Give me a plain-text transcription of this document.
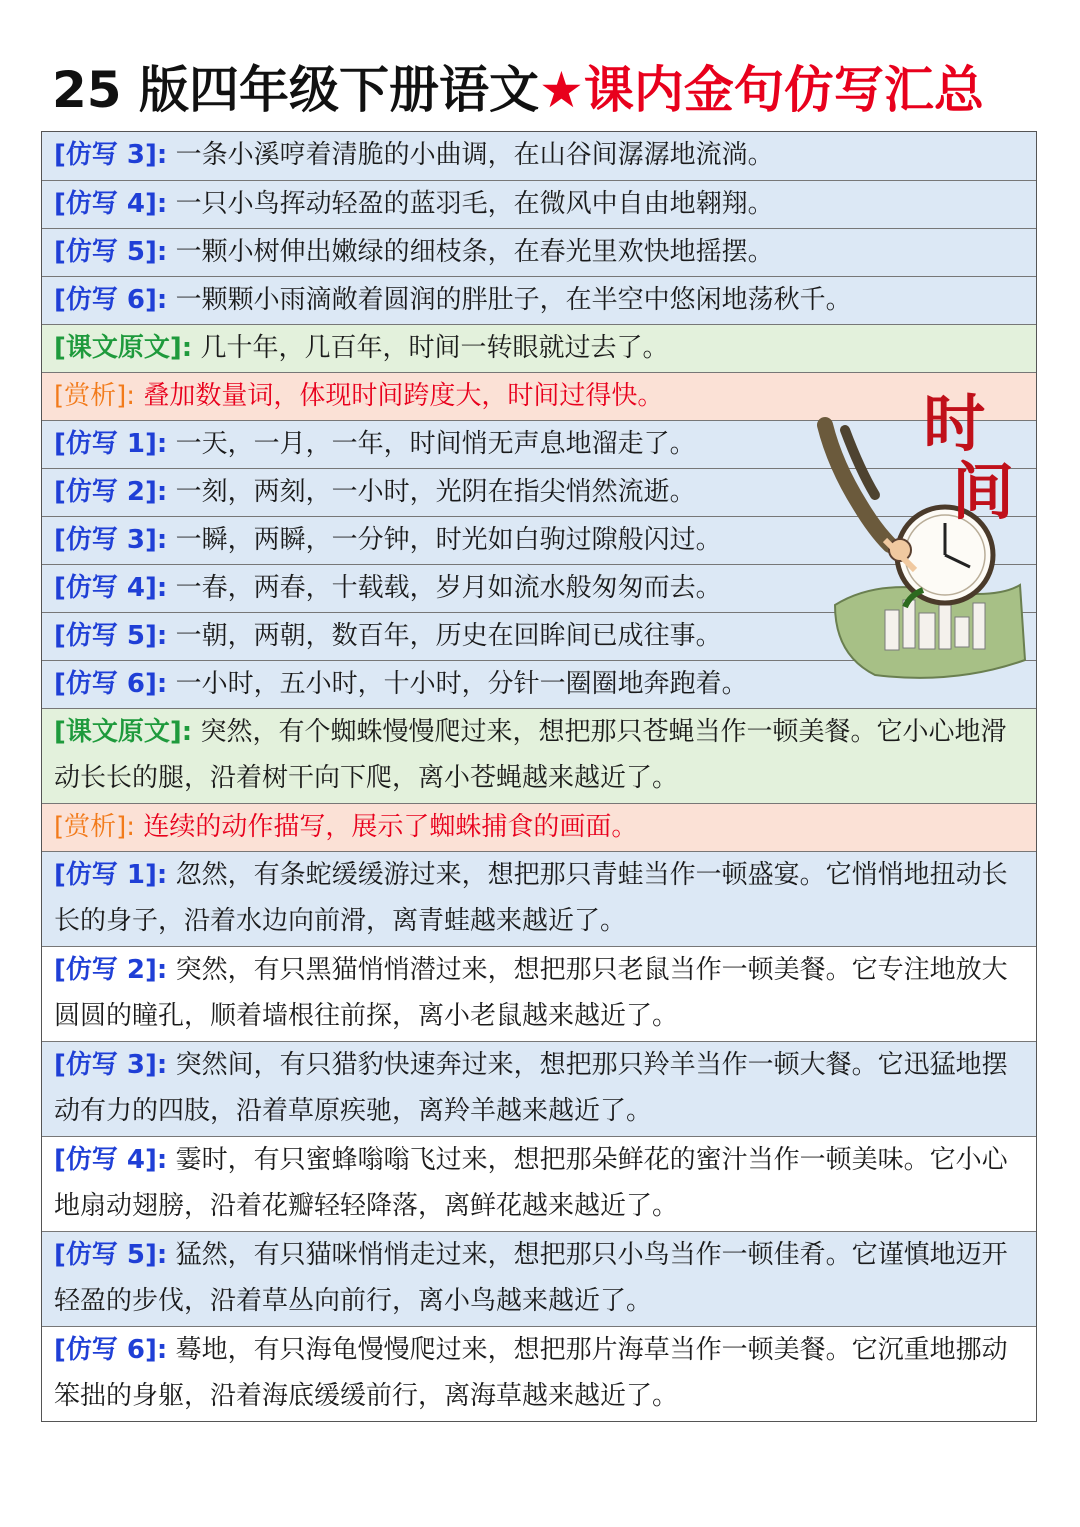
25 版四年级下册语文★课内金句仿写汇总
[仿写 3]: 一条小溪哼着清脆的小曲调，在山谷间潺潺地流淌。
[仿写 4]: 一只小鸟挥动轻盈的蓝羽毛，在微风中自由地翱翔。
[仿写 5]: 一颗小树伸出嫩绿的细枝条，在春光里欢快地摇摆。
[仿写 6]: 一颗颗小雨滴敞着圆润的胖肚子，在半空中悠闲地荡秋千。
[课文原文]: 几十年，几百年，时间一转眼就过去了。
[赏析]: 叠加数量词，体现时间跨度大，时间过得快。
[仿写 1]: 一天，一月，一年，时间悄无声息地溜走了。
[仿写 2]: 一刻，两刻，一小时，光阴在指尖悄然流逝。
[仿写 3]: 一瞬，两瞬，一分钟，时光如白驹过隙般闪过。
[仿写 4]: 一春，两春，十载载，岁月如流水般匆匆而去。
[仿写 5]: 一朝，两朝，数百年，历史在回眸间已成往事。
[仿写 6]: 一小时，五小时，十小时，分针一圈圈地奔跑着。
[课文原文]: 突然，有个蜘蛛慢慢爬过来，想把那只苍蝇当作一顿美餐。它小心地滑动长长的腿，沿着树干向下爬，离小苍蝇越来越近了。
[赏析]: 连续的动作描写，展示了蜘蛛捕食的画面。
[仿写 1]: 忽然，有条蛇缓缓游过来，想把那只青蛙当作一顿盛宴。它悄悄地扭动长长的身子，沿着水边向前滑，离青蛙越来越近了。
[仿写 2]: 突然，有只黑猫悄悄潜过来，想把那只老鼠当作一顿美餐。它专注地放大圆圆的瞳孔，顺着墙根往前探，离小老鼠越来越近了。
[仿写 3]: 突然间，有只猎豹快速奔过来，想把那只羚羊当作一顿大餐。它迅猛地摆动有力的四肢，沿着草原疾驰，离羚羊越来越近了。
[仿写 4]: 霎时，有只蜜蜂嗡嗡飞过来，想把那朵鲜花的蜜汁当作一顿美味。它小心地扇动翅膀，沿着花瓣轻轻降落，离鲜花越来越近了。
[仿写 5]: 猛然，有只猫咪悄悄走过来，想把那只小鸟当作一顿佳肴。它谨慎地迈开轻盈的步伐，沿着草丛向前行，离小鸟越来越近了。
[仿写 6]: 蓦地，有只海龟慢慢爬过来，想把那片海草当作一顿美餐。它沉重地挪动笨拙的身躯，沿着海底缓缓前行，离海草越来越近了。
时 间
